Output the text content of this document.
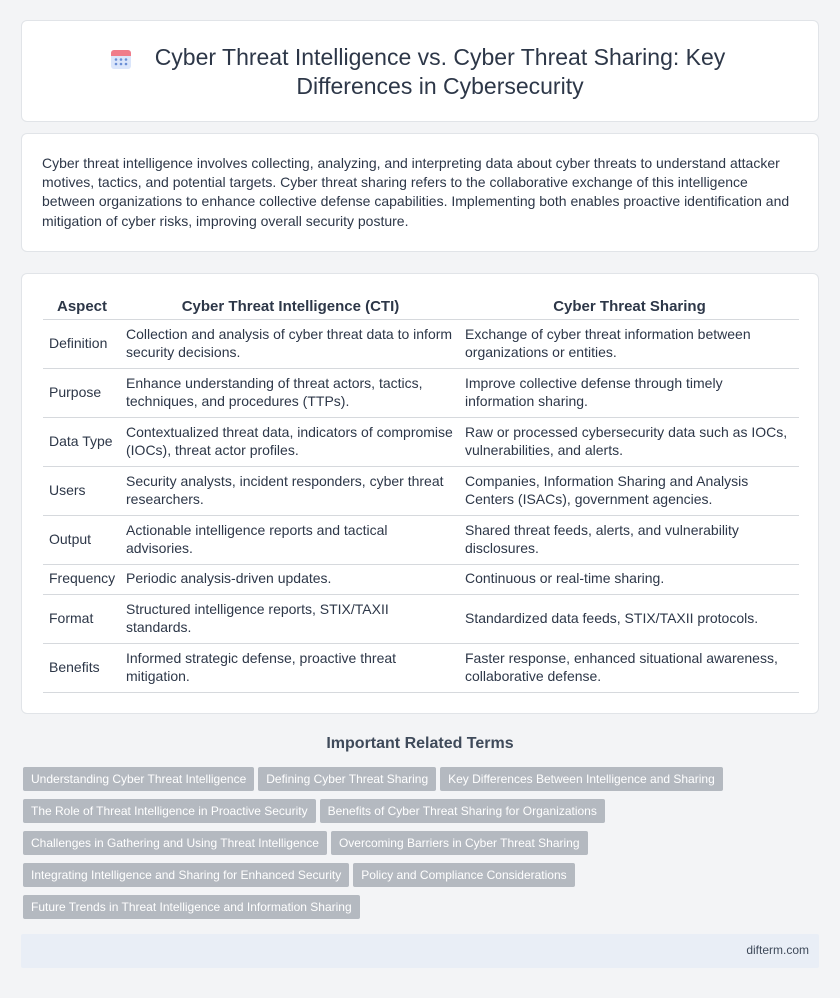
Cyber Threat Intelligence vs. Cyber Threat Sharing: Key Differences in Cybersecurity

Cyber threat intelligence involves collecting, analyzing, and interpreting data about cyber threats to understand attacker motives, tactics, and potential targets. Cyber threat sharing refers to the collaborative exchange of this intelligence between organizations to enhance collective defense capabilities. Implementing both enables proactive identification and mitigation of cyber risks, improving overall security posture.

Aspect	Cyber Threat Intelligence (CTI)	Cyber Threat Sharing
Definition	Collection and analysis of cyber threat data to inform security decisions.	Exchange of cyber threat information between organizations or entities.
Purpose	Enhance understanding of threat actors, tactics, techniques, and procedures (TTPs).	Improve collective defense through timely information sharing.
Data Type	Contextualized threat data, indicators of compromise (IOCs), threat actor profiles.	Raw or processed cybersecurity data such as IOCs, vulnerabilities, and alerts.
Users	Security analysts, incident responders, cyber threat researchers.	Companies, Information Sharing and Analysis Centers (ISACs), government agencies.
Output	Actionable intelligence reports and tactical advisories.	Shared threat feeds, alerts, and vulnerability disclosures.
Frequency	Periodic analysis-driven updates.	Continuous or real-time sharing.
Format	Structured intelligence reports, STIX/TAXII standards.	Standardized data feeds, STIX/TAXII protocols.
Benefits	Informed strategic defense, proactive threat mitigation.	Faster response, enhanced situational awareness, collaborative defense.
Important Related Terms
Understanding Cyber Threat Intelligence Defining Cyber Threat Sharing Key Differences Between Intelligence and Sharing
The Role of Threat Intelligence in Proactive Security Benefits of Cyber Threat Sharing for Organizations
Challenges in Gathering and Using Threat Intelligence Overcoming Barriers in Cyber Threat Sharing
Integrating Intelligence and Sharing for Enhanced Security Policy and Compliance Considerations
Future Trends in Threat Intelligence and Information Sharing
difterm.com
